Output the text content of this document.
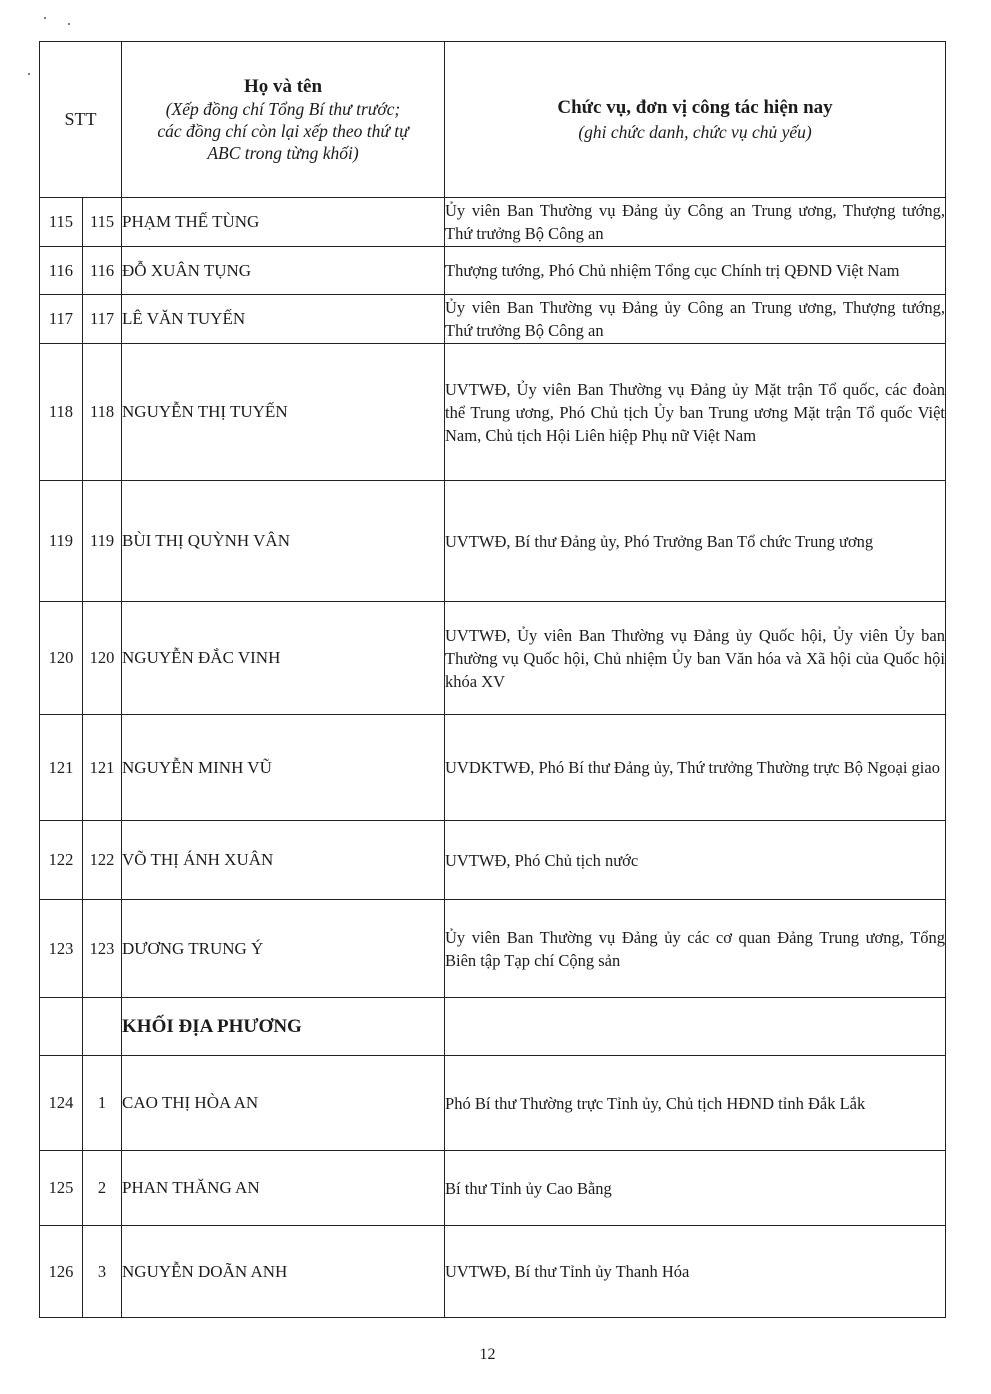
STT		Họ và tên
(Xếp đồng chí Tổng Bí thư trước;
các đồng chí còn lại xếp theo thứ tự
ABC trong từng khối)	Chức vụ, đơn vị công tác hiện nay
(ghi chức danh, chức vụ chủ yếu)

115	115	PHẠM THẾ TÙNG	Ủy viên Ban Thường vụ Đảng ủy Công an Trung ương, Thượng tướng, Thứ trưởng Bộ Công an
116	116	ĐỖ XUÂN TỤNG	Thượng tướng, Phó Chủ nhiệm Tổng cục Chính trị QĐND Việt Nam
117	117	LÊ VĂN TUYẾN	Ủy viên Ban Thường vụ Đảng ủy Công an Trung ương, Thượng tướng, Thứ trưởng Bộ Công an
118	118	NGUYỄN THỊ TUYẾN	UVTWĐ, Ủy viên Ban Thường vụ Đảng ủy Mặt trận Tổ quốc, các đoàn thể Trung ương, Phó Chủ tịch Ủy ban Trung ương Mặt trận Tổ quốc Việt Nam, Chủ tịch Hội Liên hiệp Phụ nữ Việt Nam
119	119	BÙI THỊ QUỲNH VÂN	UVTWĐ, Bí thư Đảng ủy, Phó Trưởng Ban Tổ chức Trung ương
120	120	NGUYỄN ĐẮC VINH	UVTWĐ, Ủy viên Ban Thường vụ Đảng ủy Quốc hội, Ủy viên Ủy ban Thường vụ Quốc hội, Chủ nhiệm Ủy ban Văn hóa và Xã hội của Quốc hội khóa XV
121	121	NGUYỄN MINH VŨ	UVDKTWĐ, Phó Bí thư Đảng ủy, Thứ trưởng Thường trực Bộ Ngoại giao
122	122	VÕ THỊ ÁNH XUÂN	UVTWĐ, Phó Chủ tịch nước
123	123	DƯƠNG TRUNG Ý	Ủy viên Ban Thường vụ Đảng ủy các cơ quan Đảng Trung ương, Tổng Biên tập Tạp chí Cộng sản
		KHỐI ĐỊA PHƯƠNG	
124	1	CAO THỊ HÒA AN	Phó Bí thư Thường trực Tỉnh ủy, Chủ tịch HĐND tỉnh Đắk Lắk
125	2	PHAN THĂNG AN	Bí thư Tỉnh ủy Cao Bằng
126	3	NGUYỄN DOÃN ANH	UVTWĐ, Bí thư Tỉnh ủy Thanh Hóa
12
